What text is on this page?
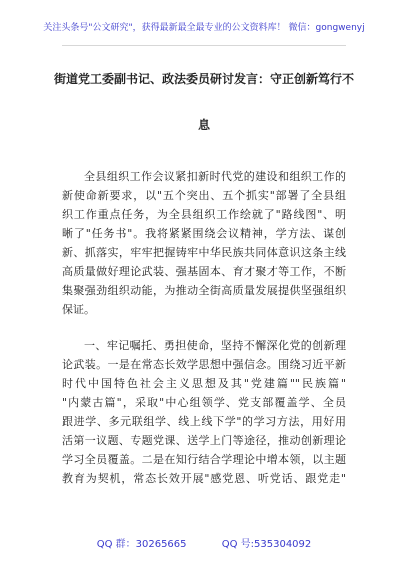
关注头条号"公文研究"，获得最新最全最专业的公文资料库！ 微信：gongwenyj
街道党工委副书记、政法委员研讨发言：守正创新笃行不
息
全县组织工作会议紧扣新时代党的建设和组织工作的
新使命新要求，以"五个突出、五个抓实"部署了全县组
织工作重点任务，为全县组织工作绘就了"路线图"、明
晰了"任务书"。我将紧紧围绕会议精神，学方法、谋创
新、抓落实，牢牢把握铸牢中华民族共同体意识这条主线
高质量做好理论武装、强基固本、育才聚才等工作，不断
集聚强劲组织动能，为推动全街高质量发展提供坚强组织
保证。
一、牢记嘱托、勇担使命，坚持不懈深化党的创新理
论武装。一是在常态长效学思想中强信念。围绕习近平新
时代中国特色社会主义思想及其"党建篇""民族篇"
"内蒙古篇"，采取"中心组领学、党支部覆盖学、全员
跟进学、多元联组学、线上线下学"的学习方法，用好用
活第一议题、专题党课、送学上门等途径，推动创新理论
学习全员覆盖。二是在知行结合学理论中增本领，以主题
教育为契机，常态长效开展"感党恩、听党话、跟党走"
QQ 群：30265665	QQ 号:535304092
